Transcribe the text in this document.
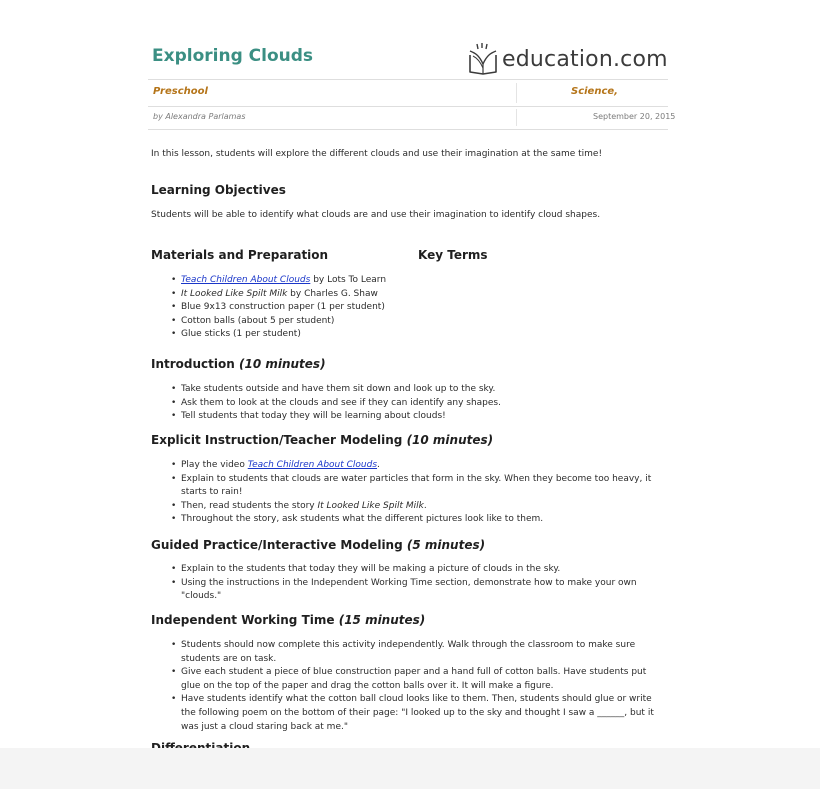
Exploring Clouds	education.com
Preschool	Science,
by Alexandra Parlamas	September 20, 2015
In this lesson, students will explore the different clouds and use their imagination at the same time!
Learning Objectives
Students will be able to identify what clouds are and use their imagination to identify cloud shapes.
Materials and Preparation	Key Terms
• Teach Children About Clouds by Lots To Learn
• It Looked Like Spilt Milk by Charles G. Shaw
• Blue 9x13 construction paper (1 per student)
• Cotton balls (about 5 per student)
• Glue sticks (1 per student)
Introduction (10 minutes)
• Take students outside and have them sit down and look up to the sky.
• Ask them to look at the clouds and see if they can identify any shapes.
• Tell students that today they will be learning about clouds!
Explicit Instruction/Teacher Modeling (10 minutes)
• Play the video Teach Children About Clouds.
• Explain to students that clouds are water particles that form in the sky. When they become too heavy, it
starts to rain!
• Then, read students the story It Looked Like Spilt Milk.
• Throughout the story, ask students what the different pictures look like to them.
Guided Practice/Interactive Modeling (5 minutes)
• Explain to the students that today they will be making a picture of clouds in the sky.
• Using the instructions in the Independent Working Time section, demonstrate how to make your own
"clouds."
Independent Working Time (15 minutes)
• Students should now complete this activity independently. Walk through the classroom to make sure
students are on task.
• Give each student a piece of blue construction paper and a hand full of cotton balls. Have students put
glue on the top of the paper and drag the cotton balls over it. It will make a figure.
• Have students identify what the cotton ball cloud looks like to them. Then, students should glue or write
the following poem on the bottom of their page: "I looked up to the sky and thought I saw a ______, but it
was just a cloud staring back at me."
